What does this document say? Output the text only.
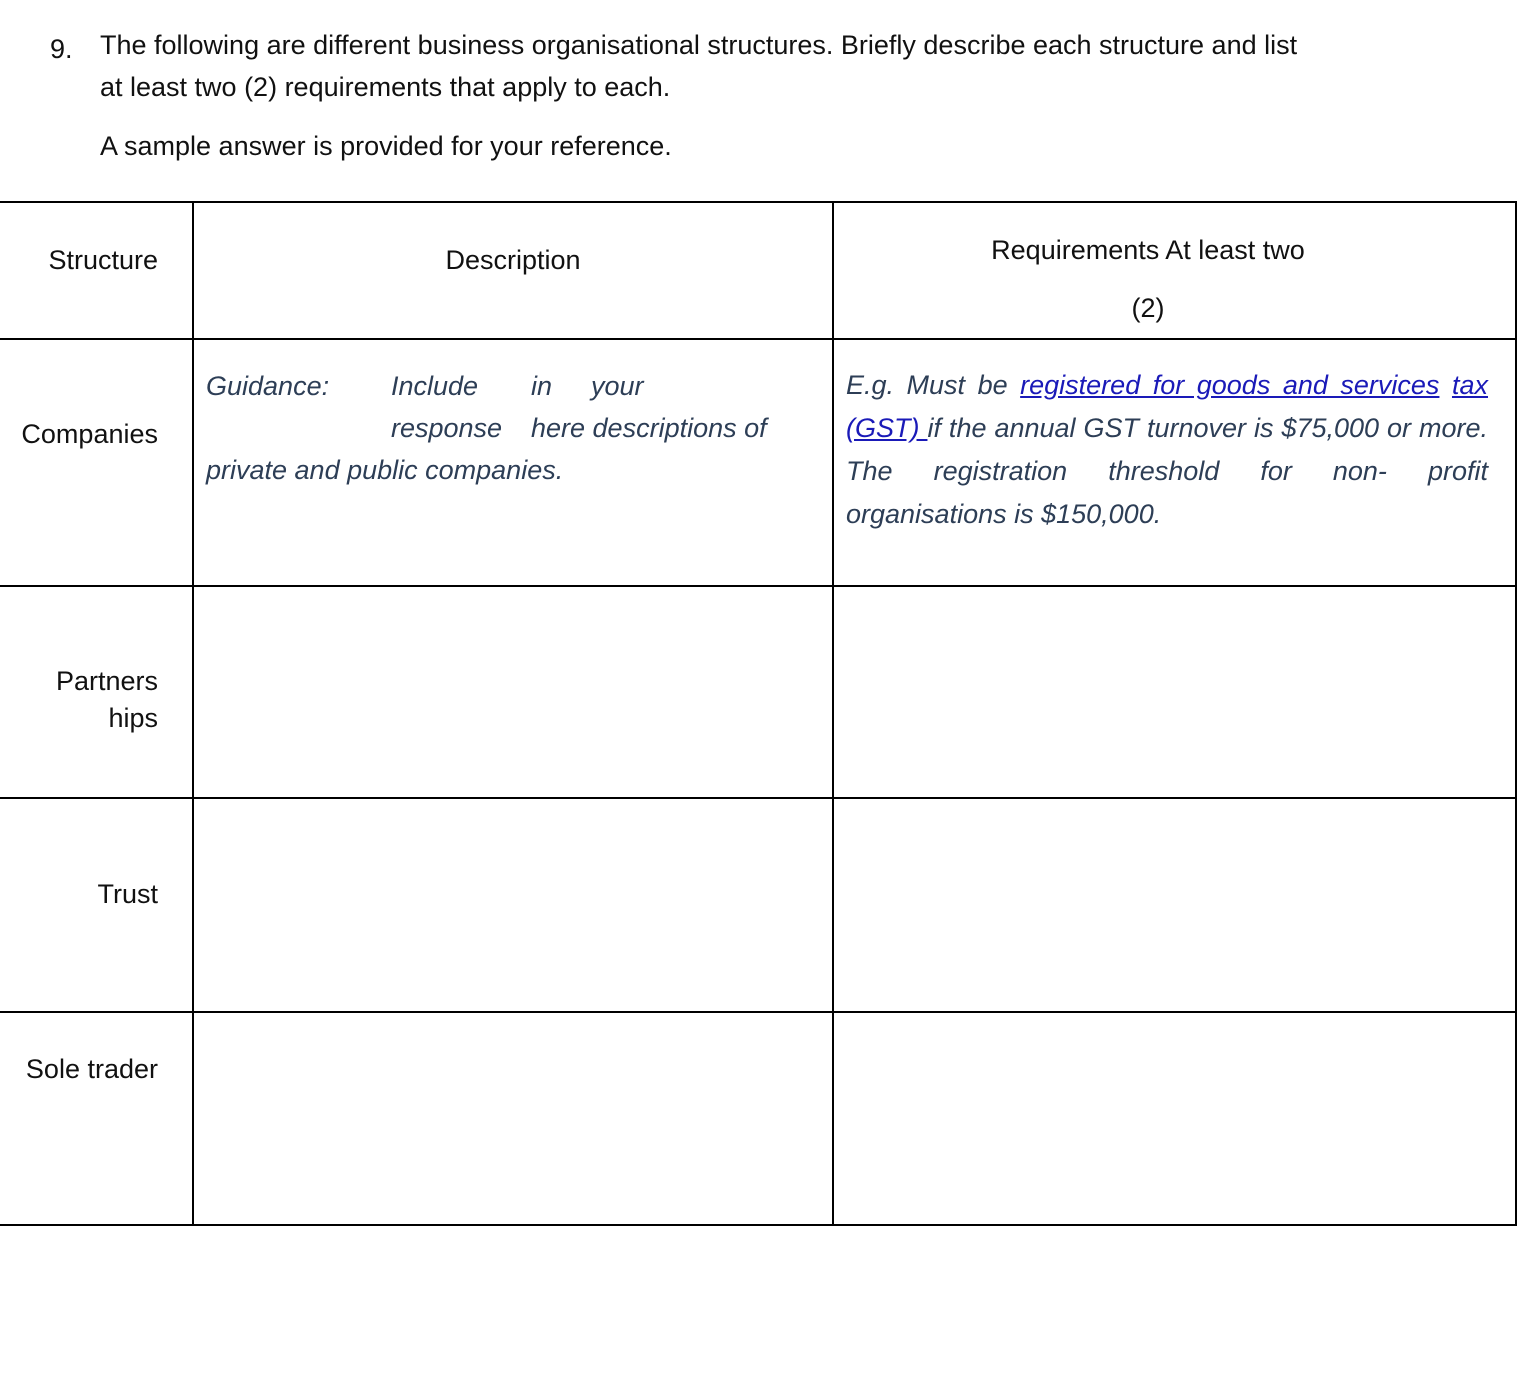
9. The following are different business organisational structures. Briefly describe each structure and list

at least two (2) requirements that apply to each.

A sample answer is provided for your reference.
Structure	Description	Requirements At least two
(2)
Companies
Partners
hips
Trust
Sole trader
Guidance: Include in your
response here descriptions of
private and public companies.
E.g. Must be registered for goods and services tax (GST) if the annual GST turnover is $75,000 or more. The registration threshold for non- profit organisations is $150,000.
